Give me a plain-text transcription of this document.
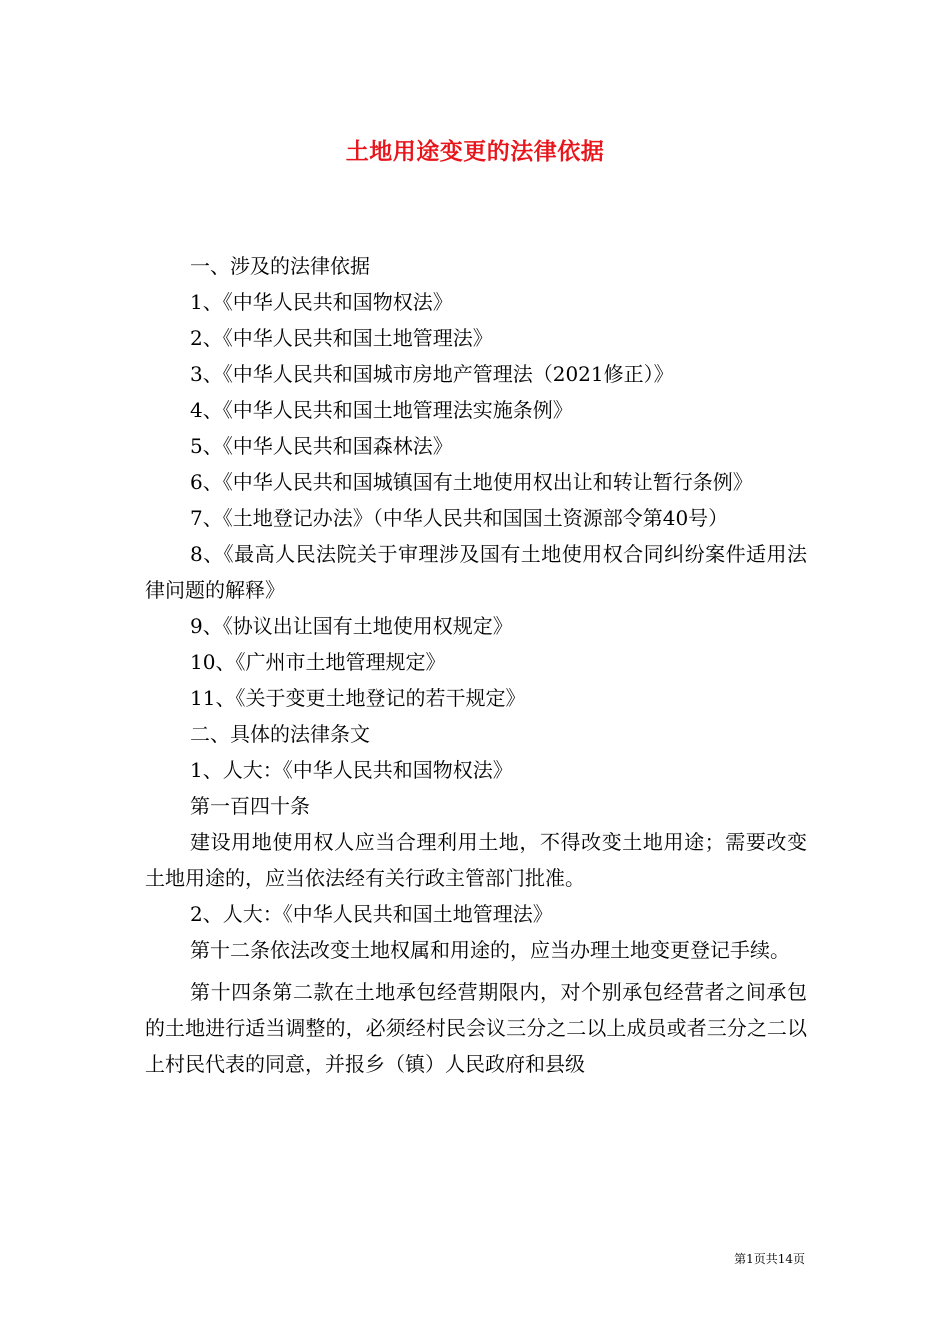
土地用途变更的法律依据

一、涉及的法律依据

1、《中华人民共和国物权法》

2、《中华人民共和国土地管理法》

3、《中华人民共和国城市房地产管理法（2021修正）》

4、《中华人民共和国土地管理法实施条例》

5、《中华人民共和国森林法》

6、《中华人民共和国城镇国有土地使用权出让和转让暂行条例》

7、《土地登记办法》（中华人民共和国国土资源部令第40号）

8、《最高人民法院关于审理涉及国有土地使用权合同纠纷案件适用法律问题的解释》

9、《协议出让国有土地使用权规定》

10、《广州市土地管理规定》

11、《关于变更土地登记的若干规定》

二、具体的法律条文

1、人大：《中华人民共和国物权法》

第一百四十条

建设用地使用权人应当合理利用土地，不得改变土地用途；需要改变土地用途的，应当依法经有关行政主管部门批准。

2、人大：《中华人民共和国土地管理法》

第十二条依法改变土地权属和用途的，应当办理土地变更登记手续。

第十四条第二款在土地承包经营期限内，对个别承包经营者之间承包的土地进行适当调整的，必须经村民会议三分之二以上成员或者三分之二以上村民代表的同意，并报乡（镇）人民政府和县级

第1页共14页
